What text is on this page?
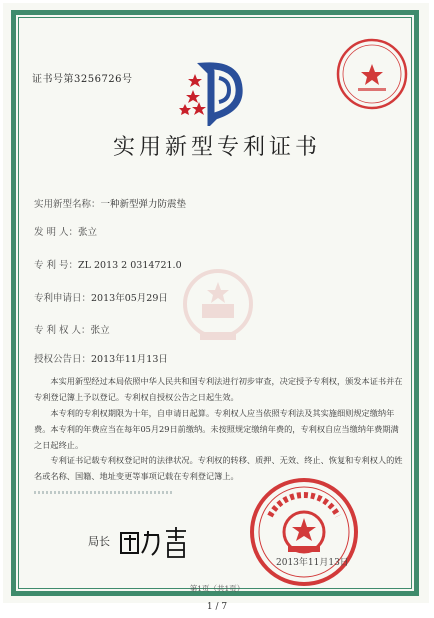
证书号第3256726号
实用新型专利证书
实用新型名称：一种新型弹力防震垫
发 明 人：张立
专 利 号：ZL 2013 2 0314721.0
专利申请日：2013年05月29日
专 利 权 人：张立
授权公告日：2013年11月13日

本实用新型经过本局依照中华人民共和国专利法进行初步审查，决定授予专利权，颁发本证书并在专利登记簿上予以登记。专利权自授权公告之日起生效。

本专利的专利权期限为十年，自申请日起算。专利权人应当依照专利法及其实施细则规定缴纳年费。本专利的年费应当在每年05月29日前缴纳。未按照规定缴纳年费的，专利权自应当缴纳年费期满之日起终止。

专利证书记载专利权登记时的法律状况。专利权的转移、质押、无效、终止、恢复和专利权人的姓名或名称、国籍、地址变更等事项记载在专利登记簿上。

局长
2013年11月13日
第1页（共1页）
1 / 7
